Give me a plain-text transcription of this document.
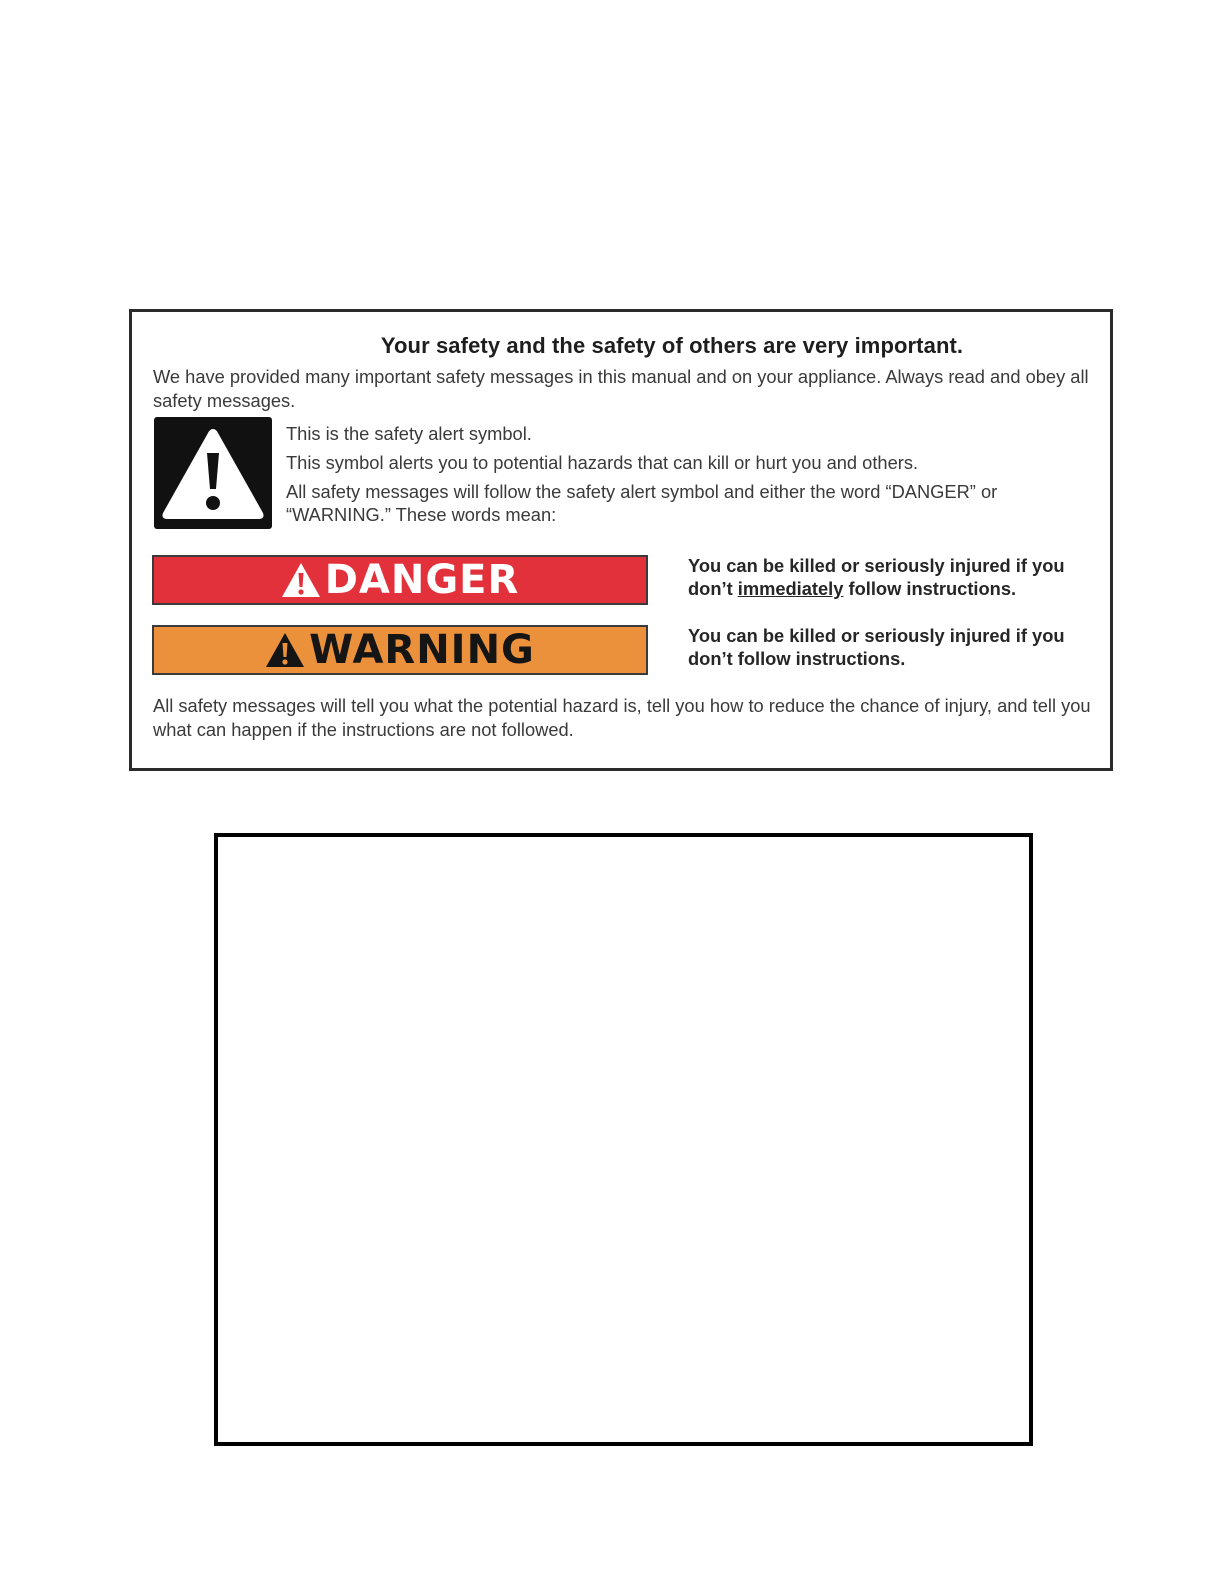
Your safety and the safety of others are very important.
We have provided many important safety messages in this manual and on your appliance. Always read and obey all safety messages.

This is the safety alert symbol.

This symbol alerts you to potential hazards that can kill or hurt you and others.

All safety messages will follow the safety alert symbol and either the word “DANGER” or “WARNING.” These words mean:

DANGER	You can be killed or seriously injured if you don’t immediately follow instructions.
WARNING	You can be killed or seriously injured if you don’t follow instructions.
All safety messages will tell you what the potential hazard is, tell you how to reduce the chance of injury, and tell you what can happen if the instructions are not followed.
